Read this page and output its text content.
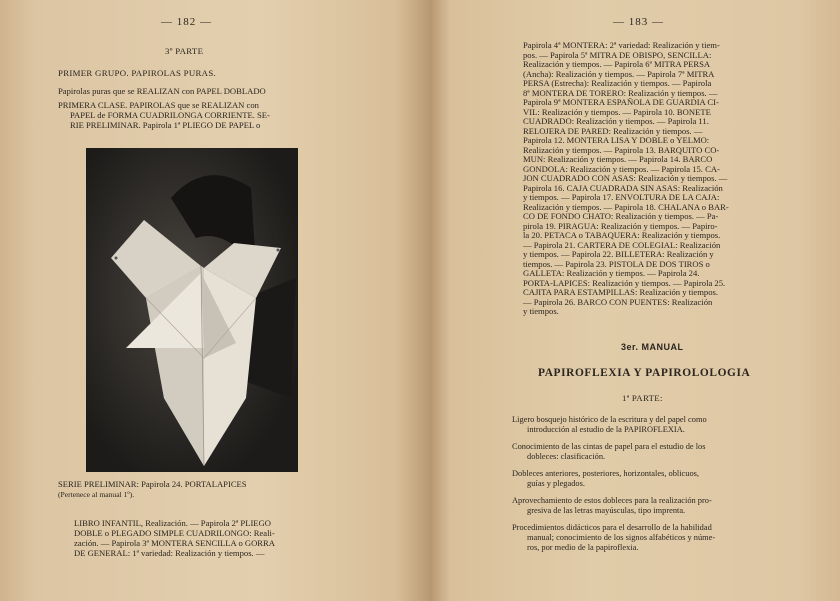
— 182 —
3º PARTE
PRIMER GRUPO. PAPIROLAS PURAS.
Papirolas puras que se REALIZAN con PAPEL DOBLADO

PRIMERA CLASE. PAPIROLAS que se REALIZAN con

PAPEL de FORMA CUADRILONGA CORRIENTE. SE-

RIE PRELIMINAR. Papirola 1ª PLIEGO DE PAPEL o

SERIE PRELIMINAR: Papirola 24. PORTALAPICES
(Pertenece al manual 1º).

LIBRO INFANTIL, Realización. — Papirola 2ª PLIEGO

DOBLE o PLEGADO SIMPLE CUADRILONGO: Reali-

zación. — Papirola 3ª MONTERA SENCILLA o GORRA

DE GENERAL: 1ª variedad: Realización y tiempos. —

— 183 —

Papirola 4ª MONTERA: 2ª variedad: Realización y tiem-

pos. — Papirola 5ª MITRA DE OBISPO, SENCILLA:

Realización y tiempos. — Papirola 6ª MITRA PERSA

(Ancha): Realización y tiempos. — Papirola 7ª MITRA

PERSA (Estrecha): Realización y tiempos. — Papirola

8ª MONTERA DE TORERO: Realización y tiempos. —

Papirola 9ª MONTERA ESPAÑOLA DE GUARDIA CI-

VIL: Realización y tiempos. — Papirola 10. BONETE

CUADRADO: Realización y tiempos. — Papirola 11.

RELOJERA DE PARED: Realización y tiempos. —

Papirola 12. MONTERA LISA Y DOBLE o YELMO:

Realización y tiempos. — Papirola 13. BARQUITO CO-

MUN: Realización y tiempos. — Papirola 14. BARCO

GONDOLA: Realización y tiempos. — Papirola 15. CA-

JON CUADRADO CON ASAS: Realización y tiempos. —

Papirola 16. CAJA CUADRADA SIN ASAS: Realización

y tiempos. — Papirola 17. ENVOLTURA DE LA CAJA:

Realización y tiempos. — Papirola 18. CHALANA o BAR-

CO DE FONDO CHATO: Realización y tiempos. — Pa-

pirola 19. PIRAGUA: Realización y tiempos. — Papiro-

la 20. PETACA o TABAQUERA: Realización y tiempos.

— Papirola 21. CARTERA DE COLEGIAL: Realización

y tiempos. — Papirola 22. BILLETERA: Realización y

tiempos. — Papirola 23. PISTOLA DE DOS TIROS o

GALLETA: Realización y tiempos. — Papirola 24.

PORTA-LAPICES: Realización y tiempos. — Papirola 25.

CAJITA PARA ESTAMPILLAS: Realización y tiempos.

— Papirola 26. BARCO CON PUENTES: Realización

y tiempos.

3er. MANUAL
PAPIROFLEXIA Y PAPIROLOLOGIA
1ª PARTE:

Ligero bosquejo histórico de la escritura y del papel como

introducción al estudio de la PAPIROFLEXIA.

Conocimiento de las cintas de papel para el estudio de los

dobleces: clasificación.

Dobleces anteriores, posteriores, horizontales, oblicuos,

guías y plegados.

Aprovechamiento de estos dobleces para la realización pro-

gresiva de las letras mayúsculas, tipo imprenta.

Procedimientos didácticos para el desarrollo de la habilidad

manual; conocimiento de los signos alfabéticos y núme-

ros, por medio de la papiroflexia.
